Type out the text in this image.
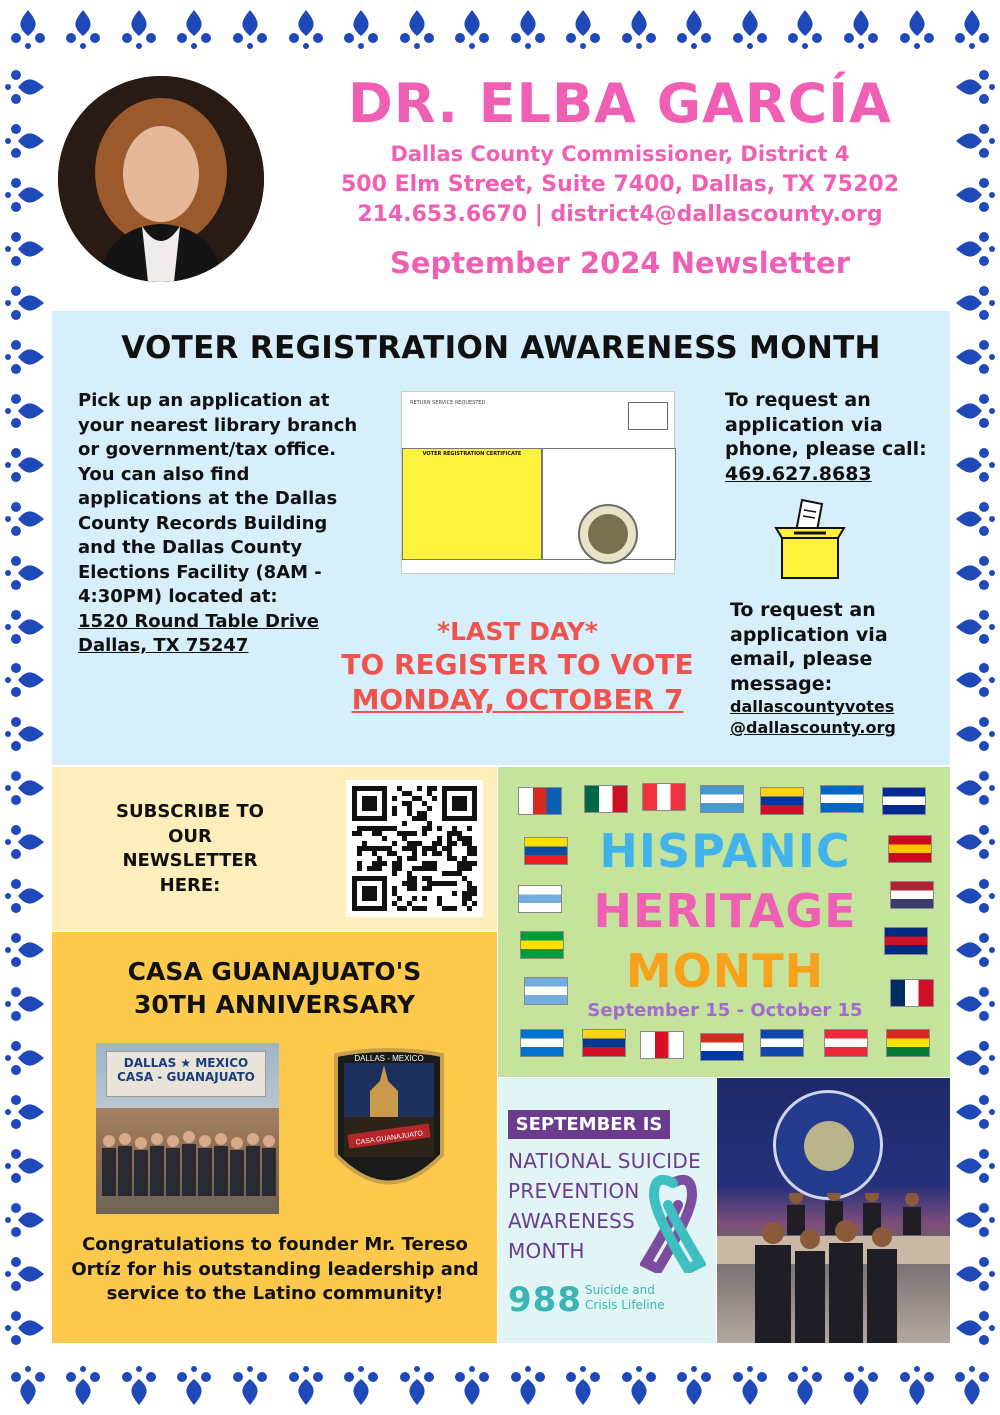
DR. ELBA GARCÍA
Dallas County Commissioner, District 4
500 Elm Street, Suite 7400, Dallas, TX 75202
214.653.6670 | district4@dallascounty.org
September 2024 Newsletter
VOTER REGISTRATION AWARENESS MONTH
Pick up an application at your nearest library branch or government/tax office. You can also find applications at the Dallas County Records Building and the Dallas County Elections Facility (8AM - 4:30PM) located at:
1520 Round Table Drive
Dallas, TX 75247
RETURN SERVICE REQUESTED
VOTER REGISTRATION CERTIFICATE
*LAST DAY*
TO REGISTER TO VOTE
MONDAY, OCTOBER 7
To request an application via phone, please call:
469.627.8683
To request an application via email, please message:
dallascountyvotes
@dallascounty.org
SUBSCRIBE TO OUR NEWSLETTER HERE:
CASA GUANAJUATO'S
30TH ANNIVERSARY
DALLAS ★ MEXICO
CASA - GUANAJUATO
DALLAS - MEXICO
CASA GUANAJUATO
Congratulations to founder Mr. Tereso Ortíz for his outstanding leadership and service to the Latino community!
HISPANIC
HERITAGE
MONTH
September 15 - October 15
SEPTEMBER IS
NATIONAL SUICIDE
PREVENTION
AWARENESS
MONTH
988 Suicide and
Crisis Lifeline
